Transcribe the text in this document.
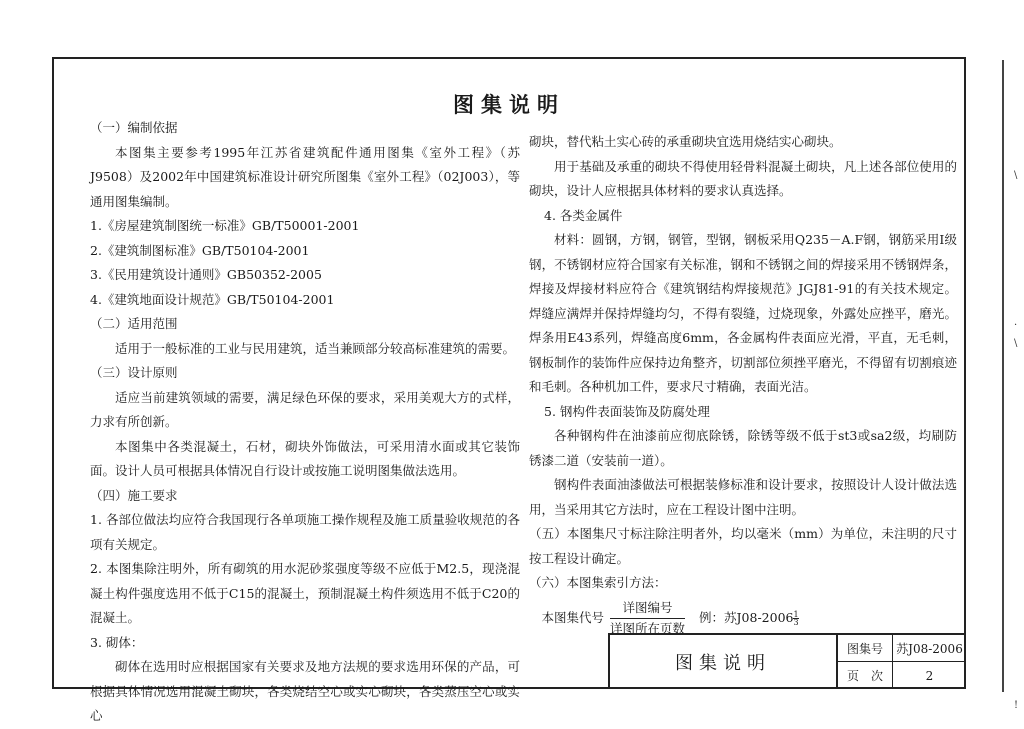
图集说明

（一）编制依据

本图集主要参考1995年江苏省建筑配件通用图集《室外工程》（苏J9508）及2002年中国建筑标准设计研究所图集《室外工程》（02J003），等通用图集编制。

1.《房屋建筑制图统一标准》GB/T50001-2001

2.《建筑制图标准》GB/T50104-2001

3.《民用建筑设计通则》GB50352-2005

4.《建筑地面设计规范》GB/T50104-2001

（二）适用范围

适用于一般标准的工业与民用建筑，适当兼顾部分较高标准建筑的需要。

（三）设计原则

适应当前建筑领域的需要，满足绿色环保的要求，采用美观大方的式样，力求有所创新。

本图集中各类混凝土，石材，砌块外饰做法，可采用清水面或其它装饰面。设计人员可根据具体情况自行设计或按施工说明图集做法选用。

（四）施工要求

1. 各部位做法均应符合我国现行各单项施工操作规程及施工质量验收规范的各项有关规定。

2. 本图集除注明外，所有砌筑的用水泥砂浆强度等级不应低于M2.5，现浇混凝土构件强度选用不低于C15的混凝土，预制混凝土构件须选用不低于C20的混凝土。

3. 砌体：

砌体在选用时应根据国家有关要求及地方法规的要求选用环保的产品，可根据具体情况选用混凝土砌块，各类烧结空心或实心砌块，各类蒸压空心或实心

砌块，替代粘土实心砖的承重砌块宜选用烧结实心砌块。

用于基础及承重的砌块不得使用轻骨料混凝土砌块，凡上述各部位使用的砌块，设计人应根据具体材料的要求认真选择。

4. 各类金属件

材料：圆钢，方钢，钢管，型钢，钢板采用Q235－A.F钢，钢筋采用Ⅰ级钢，不锈钢材应符合国家有关标准，钢和不锈钢之间的焊接采用不锈钢焊条，焊接及焊接材料应符合《建筑钢结构焊接规范》JGJ81-91的有关技术规定。焊缝应满焊并保持焊缝均匀，不得有裂缝，过烧现象，外露处应挫平，磨光。焊条用E43系列，焊缝高度6mm，各金属构件表面应光滑，平直，无毛刺，钢板制作的装饰件应保持边角整齐，切割部位须挫平磨光，不得留有切割痕迹和毛刺。各种机加工件，要求尺寸精确，表面光洁。

5. 钢构件表面装饰及防腐处理

各种钢构件在油漆前应彻底除锈，除锈等级不低于st3或sa2级，均刷防锈漆二道（安装前一道）。

钢构件表面油漆做法可根据装修标准和设计要求，按照设计人设计做法选用，当采用其它方法时，应在工程设计图中注明。

（五）本图集尺寸标注除注明者外，均以毫米（mm）为单位，未注明的尺寸按工程设计确定。

（六）本图集索引方法：

本图集代号 $\frac{\text{详图编号}}{\text{详图所在页数}}$ 例：苏$J08-2006 \frac{1}{3}$
图集说明
图集号	苏J08-2006
页　次	2
\
·
\
!
